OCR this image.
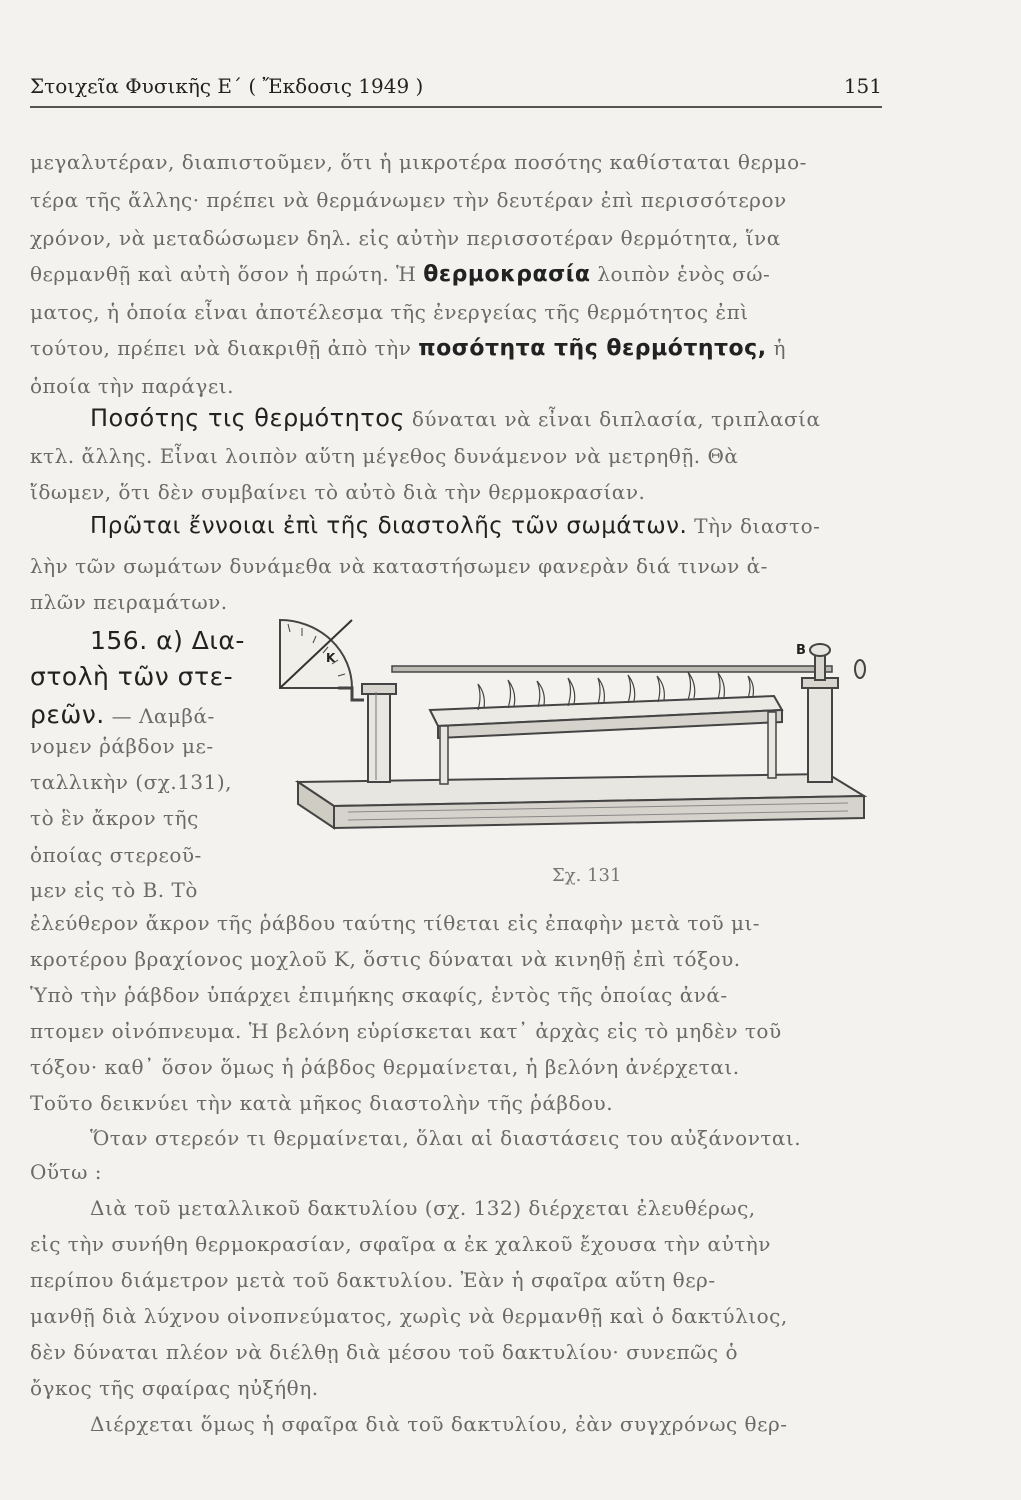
Στοιχεῖα Φυσικῆς Ε΄ ( Ἔκδοσις 1949 )	151
μεγαλυτέραν, διαπιστοῦμεν, ὅτι ἡ μικροτέρα ποσότης καθίσταται θερμο-
τέρα τῆς ἄλλης· πρέπει νὰ θερμάνωμεν τὴν δευτέραν ἐπὶ περισσότερον
χρόνον, νὰ μεταδώσωμεν δηλ. εἰς αὐτὴν περισσοτέραν θερμότητα, ἵνα
θερμανθῇ καὶ αὐτὴ ὅσον ἡ πρώτη. Ἡ θερμοκρασία λοιπὸν ἑνὸς σώ-
ματος, ἡ ὁποία εἶναι ἀποτέλεσμα τῆς ἐνεργείας τῆς θερμότητος ἐπὶ
τούτου, πρέπει νὰ διακριθῇ ἀπὸ τὴν ποσότητα τῆς θερμότητος, ἡ
ὁποία τὴν παράγει.
Ποσότης τις θερμότητος δύναται νὰ εἶναι διπλασία, τριπλασία
κτλ. ἄλλης. Εἶναι λοιπὸν αὕτη μέγεθος δυνάμενον νὰ μετρηθῇ. Θὰ
ἴδωμεν, ὅτι δὲν συμβαίνει τὸ αὐτὸ διὰ τὴν θερμοκρασίαν.
Πρῶται ἔννοιαι ἐπὶ τῆς διαστολῆς τῶν σωμάτων. Τὴν διαστο-
λὴν τῶν σωμάτων δυνάμεθα νὰ καταστήσωμεν φανερὰν διά τινων ἁ-
πλῶν πειραμάτων.
156. α) Δια-
στολὴ τῶν στε-
ρεῶν. — Λαμβά-
νομεν ῥάβδον με-
ταλλικὴν (σχ.131),
τὸ ἓν ἄκρον τῆς
ὁποίας στερεοῦ-
μεν εἰς τὸ Β. Τὸ
ἐλεύθερον ἄκρον τῆς ῥάβδου ταύτης τίθεται εἰς ἐπαφὴν μετὰ τοῦ μι-
κροτέρου βραχίονος μοχλοῦ Κ, ὅστις δύναται νὰ κινηθῇ ἐπὶ τόξου.
Ὑπὸ τὴν ῥάβδον ὑπάρχει ἐπιμήκης σκαφίς, ἐντὸς τῆς ὁποίας ἀνά-
πτομεν οἰνόπνευμα. Ἡ βελόνη εὑρίσκεται κατ᾽ ἀρχὰς εἰς τὸ μηδὲν τοῦ
τόξου· καθ᾽ ὅσον ὅμως ἡ ῥάβδος θερμαίνεται, ἡ βελόνη ἀνέρχεται.
Τοῦτο δεικνύει τὴν κατὰ μῆκος διαστολὴν τῆς ῥάβδου.
Ὅταν στερεόν τι θερμαίνεται, ὅλαι αἱ διαστάσεις του αὐξάνονται.
Οὕτω :
Διὰ τοῦ μεταλλικοῦ δακτυλίου (σχ. 132) διέρχεται ἐλευθέρως,
εἰς τὴν συνήθη θερμοκρασίαν, σφαῖρα α ἐκ χαλκοῦ ἔχουσα τὴν αὐτὴν
περίπου διάμετρον μετὰ τοῦ δακτυλίου. Ἐὰν ἡ σφαῖρα αὕτη θερ-
μανθῇ διὰ λύχνου οἰνοπνεύματος, χωρὶς νὰ θερμανθῇ καὶ ὁ δακτύλιος,
δὲν δύναται πλέον νὰ διέλθῃ διὰ μέσου τοῦ δακτυλίου· συνεπῶς ὁ
ὄγκος τῆς σφαίρας ηὐξήθη.
Διέρχεται ὅμως ἡ σφαῖρα διὰ τοῦ δακτυλίου, ἐὰν συγχρόνως θερ-
K	B
Σχ. 131
